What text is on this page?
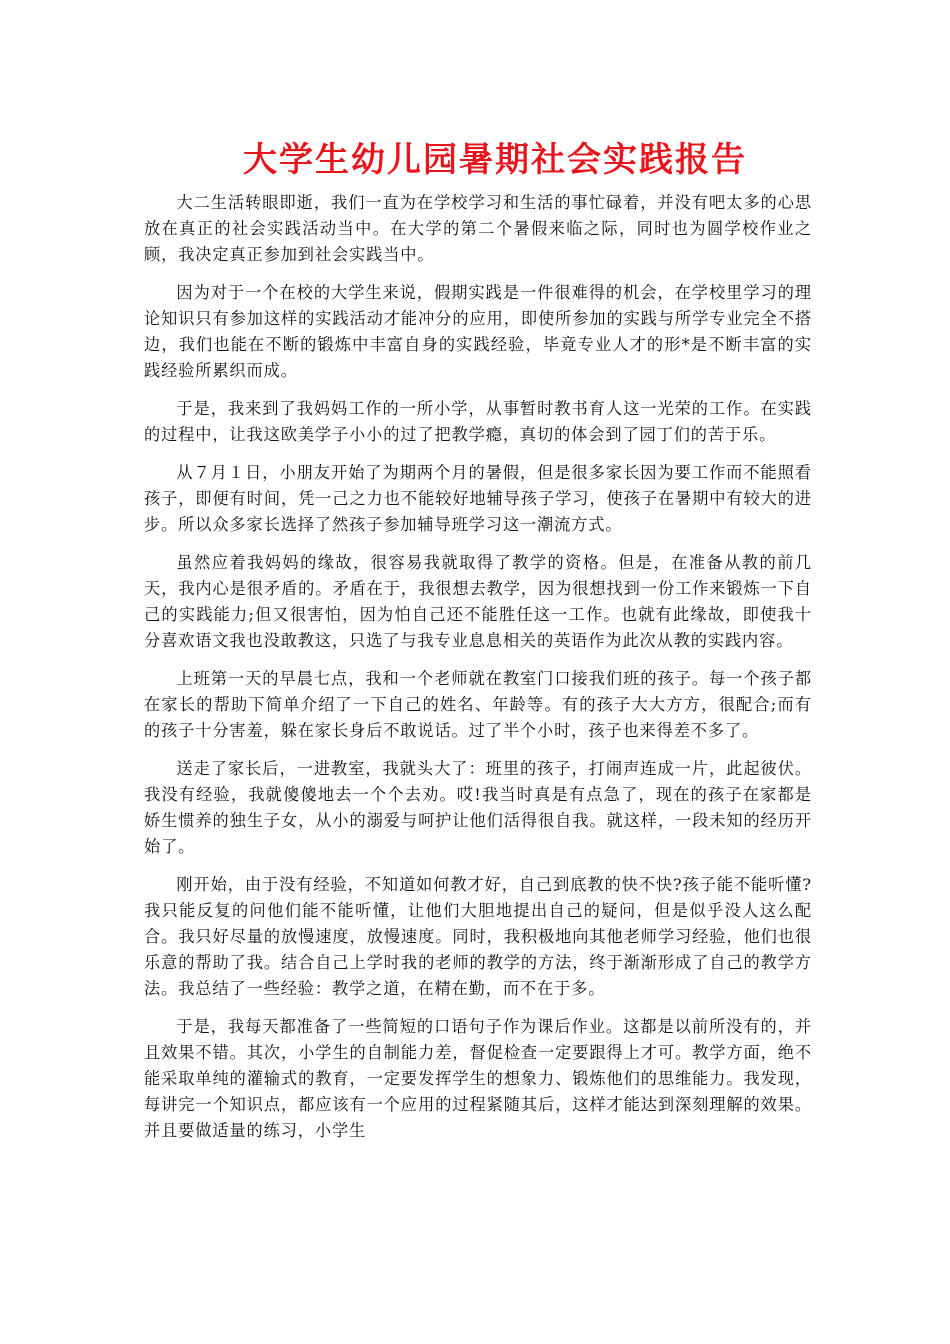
大学生幼儿园暑期社会实践报告

大二生活转眼即逝，我们一直为在学校学习和生活的事忙碌着，并没有吧太多的心思放在真正的社会实践活动当中。在大学的第二个暑假来临之际，同时也为圆学校作业之顾，我决定真正参加到社会实践当中。

因为对于一个在校的大学生来说，假期实践是一件很难得的机会，在学校里学习的理论知识只有参加这样的实践活动才能冲分的应用，即使所参加的实践与所学专业完全不搭边，我们也能在不断的锻炼中丰富自身的实践经验，毕竟专业人才的形*是不断丰富的实践经验所累织而成。

于是，我来到了我妈妈工作的一所小学，从事暂时教书育人这一光荣的工作。在实践的过程中，让我这欧美学子小小的过了把教学瘾，真切的体会到了园丁们的苦于乐。

从７月１日，小朋友开始了为期两个月的暑假，但是很多家长因为要工作而不能照看孩子，即便有时间，凭一己之力也不能较好地辅导孩子学习，使孩子在暑期中有较大的进步。所以众多家长选择了然孩子参加辅导班学习这一潮流方式。

虽然应着我妈妈的缘故，很容易我就取得了教学的资格。但是，在准备从教的前几天，我内心是很矛盾的。矛盾在于，我很想去教学，因为很想找到一份工作来锻炼一下自己的实践能力;但又很害怕，因为怕自己还不能胜任这一工作。也就有此缘故，即使我十分喜欢语文我也没敢教这，只选了与我专业息息相关的英语作为此次从教的实践内容。

上班第一天的早晨七点，我和一个老师就在教室门口接我们班的孩子。每一个孩子都在家长的帮助下简单介绍了一下自己的姓名、年龄等。有的孩子大大方方，很配合;而有的孩子十分害羞，躲在家长身后不敢说话。过了半个小时，孩子也来得差不多了。

送走了家长后，一进教室，我就头大了：班里的孩子，打闹声连成一片，此起彼伏。我没有经验，我就傻傻地去一个个去劝。哎!我当时真是有点急了，现在的孩子在家都是娇生惯养的独生子女，从小的溺爱与呵护让他们活得很自我。就这样，一段未知的经历开始了。

刚开始，由于没有经验，不知道如何教才好，自己到底教的快不快?孩子能不能听懂?我只能反复的问他们能不能听懂，让他们大胆地提出自己的疑问，但是似乎没人这么配合。我只好尽量的放慢速度，放慢速度。同时，我积极地向其他老师学习经验，他们也很乐意的帮助了我。结合自己上学时我的老师的教学的方法，终于渐渐形成了自己的教学方法。我总结了一些经验：教学之道，在精在勤，而不在于多。

于是，我每天都准备了一些简短的口语句子作为课后作业。这都是以前所没有的，并且效果不错。其次，小学生的自制能力差，督促检查一定要跟得上才可。教学方面，绝不能采取单纯的灌输式的教育，一定要发挥学生的想象力、锻炼他们的思维能力。我发现，每讲完一个知识点，都应该有一个应用的过程紧随其后，这样才能达到深刻理解的效果。并且要做适量的练习，小学生
